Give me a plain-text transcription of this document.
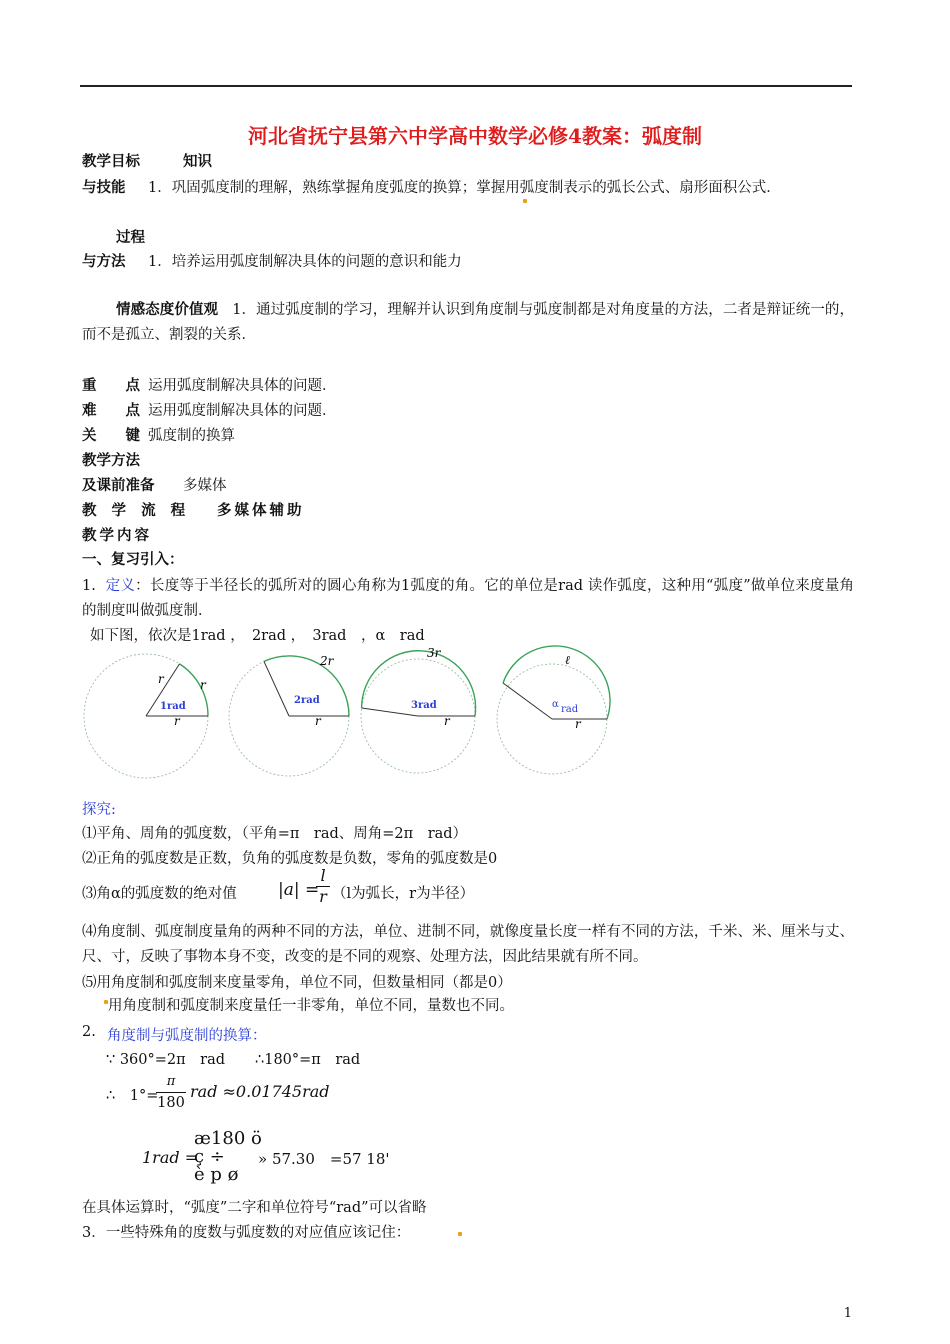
河北省抚宁县第六中学高中数学必修4教案：弧度制
教学目标	知识
与技能 1．巩固弧度制的理解，熟练掌握角度弧度的换算；掌握用弧度制表示的弧长公式、扇形面积公式．
过程
与方法 1．培养运用弧度制解决具体的问题的意识和能力
情感态度价值观 1．通过弧度制的学习，理解并认识到角度制与弧度制都是对角度量的方法，二者是辩证统一的，而不是孤立、割裂的关系．
重　　点 运用弧度制解决具体的问题．
难　　点 运用弧度制解决具体的问题．
关　　键 弧度制的换算
教学方法
及课前准备 多媒体
教 学 流 程 多媒体辅助
教学内容
一、复习引入：
1. 定义：长度等于半径长的弧所对的圆心角称为1弧度的角。它的单位是rad 读作弧度，这种用“弧度”做单位来度量角的制度叫做弧度制．
如下图，依次是1rad ，　2rad ，　3rad　，α　rad
1rad
r
r	r
2rad
r
2r
3rad
r
3r
α rad
r
ℓ
探究:
⑴平角、周角的弧度数，（平角=π　rad、周角=2π　rad）
⑵正角的弧度数是正数，负角的弧度数是负数，零角的弧度数是0
⑶角α的弧度数的绝对值 |a| =
$\frac{l}{r} (l$为弧长，r为半径）
⑷角度制、弧度制度量角的两种不同的方法，单位、进制不同，就像度量长度一样有不同的方法，千米、米、厘米与丈、尺、寸，反映了事物本身不变，改变的是不同的观察、处理方法，因此结果就有所不同。
⑸用角度制和弧度制来度量零角，单位不同，但数量相同（都是0）
用角度制和弧度制来度量任一非零角，单位不同，量数也不同。
2. 角度制与弧度制的换算：
∵ 360°=2π　rad ∴180°=π　rad
∴　1°=
$\frac{\pi}{180}$ rad ≈0.01745rad
1rad =
æ180 ö
ç ÷
è p ø
» 57.30　=57 18'
在具体运算时，“弧度”二字和单位符号“rad”可以省略
3．一些特殊角的度数与弧度数的对应值应该记住：
1
